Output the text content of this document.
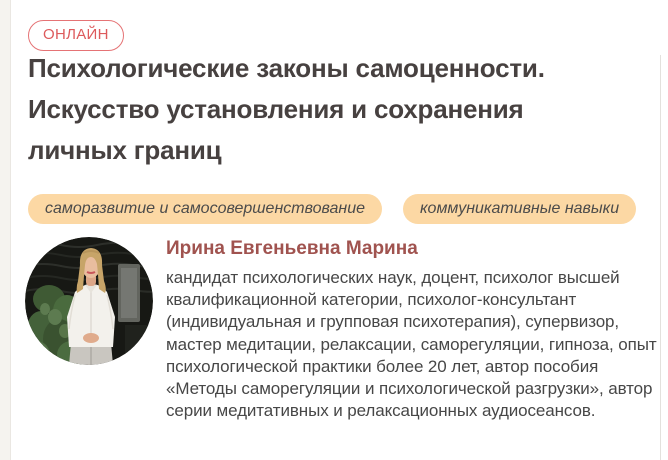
ОНЛАЙН
Психологические законы самоценности.
Искусство установления и сохранения
личных границ
саморазвитие и самосовершенствование	коммуникативные навыки
Ирина Евгеньевна Марина

кандидат психологических наук, доцент, психолог высшей квалификационной категории, психолог-консультант (индивидуальная и групповая психотерапия), супервизор, мастер медитации, релаксации, саморегуляции, гипноза, опыт психологической практики более 20 лет, автор пособия «Методы саморегуляции и психологической разгрузки», автор серии медитативных и релаксационных аудиосеансов.
